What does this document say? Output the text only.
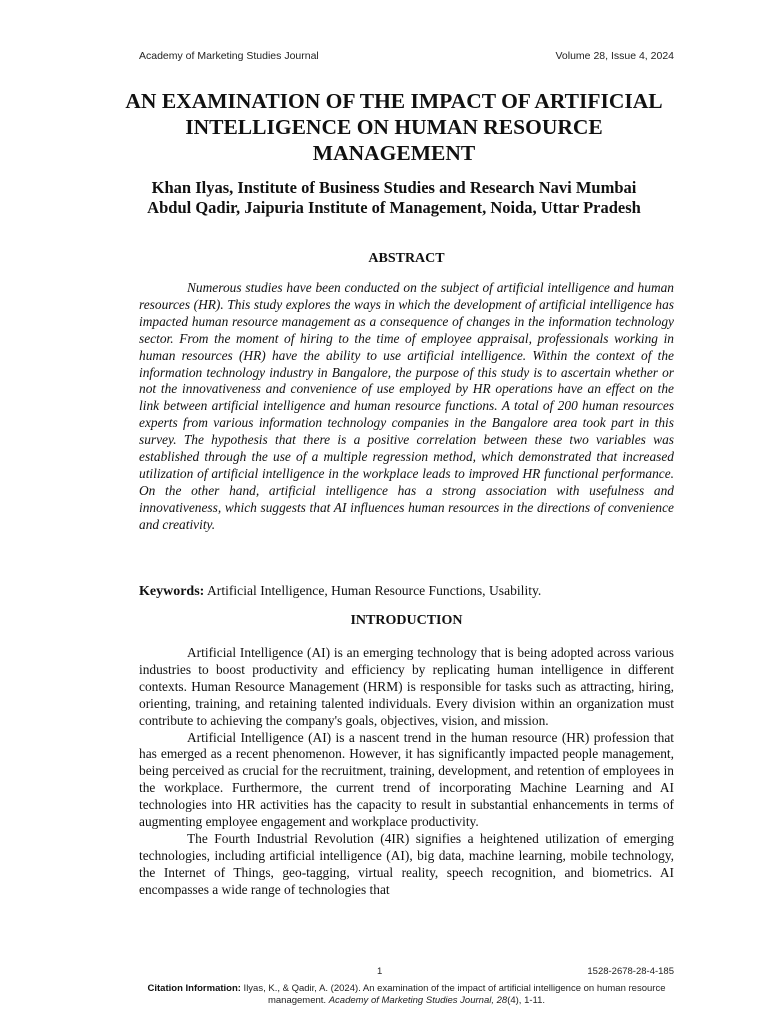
Academy of Marketing Studies Journal	Volume 28, Issue 4, 2024
AN EXAMINATION OF THE IMPACT OF ARTIFICIAL INTELLIGENCE ON HUMAN RESOURCE MANAGEMENT
Khan Ilyas, Institute of Business Studies and Research Navi Mumbai
Abdul Qadir, Jaipuria Institute of Management, Noida, Uttar Pradesh
ABSTRACT

Numerous studies have been conducted on the subject of artificial intelligence and human resources (HR). This study explores the ways in which the development of artificial intelligence has impacted human resource management as a consequence of changes in the information technology sector. From the moment of hiring to the time of employee appraisal, professionals working in human resources (HR) have the ability to use artificial intelligence. Within the context of the information technology industry in Bangalore, the purpose of this study is to ascertain whether or not the innovativeness and convenience of use employed by HR operations have an effect on the link between artificial intelligence and human resource functions. A total of 200 human resources experts from various information technology companies in the Bangalore area took part in this survey. The hypothesis that there is a positive correlation between these two variables was established through the use of a multiple regression method, which demonstrated that increased utilization of artificial intelligence in the workplace leads to improved HR functional performance. On the other hand, artificial intelligence has a strong association with usefulness and innovativeness, which suggests that AI influences human resources in the directions of convenience and creativity.

Keywords: Artificial Intelligence, Human Resource Functions, Usability.

INTRODUCTION

Artificial Intelligence (AI) is an emerging technology that is being adopted across various industries to boost productivity and efficiency by replicating human intelligence in different contexts. Human Resource Management (HRM) is responsible for tasks such as attracting, hiring, orienting, training, and retaining talented individuals. Every division within an organization must contribute to achieving the company's goals, objectives, vision, and mission.

Artificial Intelligence (AI) is a nascent trend in the human resource (HR) profession that has emerged as a recent phenomenon. However, it has significantly impacted people management, being perceived as crucial for the recruitment, training, development, and retention of employees in the workplace. Furthermore, the current trend of incorporating Machine Learning and AI technologies into HR activities has the capacity to result in substantial enhancements in terms of augmenting employee engagement and workplace productivity.

The Fourth Industrial Revolution (4IR) signifies a heightened utilization of emerging technologies, including artificial intelligence (AI), big data, machine learning, mobile technology, the Internet of Things, geo-tagging, virtual reality, speech recognition, and biometrics. AI encompasses a wide range of technologies that

1	1528-2678-28-4-185
Citation Information: Ilyas, K., & Qadir, A. (2024). An examination of the impact of artificial intelligence on human resource management. Academy of Marketing Studies Journal, 28(4), 1-11.
